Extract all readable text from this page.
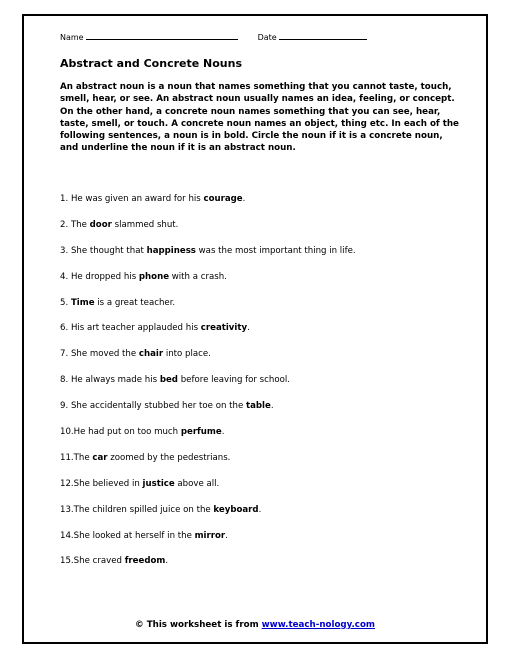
Name	Date
Abstract and Concrete Nouns

An abstract noun is a noun that names something that you cannot taste, touch, smell, hear, or see. An abstract noun usually names an idea, feeling, or concept. On the other hand, a concrete noun names something that you can see, hear, taste, smell, or touch. A concrete noun names an object, thing etc. In each of the following sentences, a noun is in bold. Circle the noun if it is a concrete noun, and underline the noun if it is an abstract noun.

1. He was given an award for his courage.
2. The door slammed shut.
3. She thought that happiness was the most important thing in life.
4. He dropped his phone with a crash.
5. Time is a great teacher.
6. His art teacher applauded his creativity.
7. She moved the chair into place.
8. He always made his bed before leaving for school.
9. She accidentally stubbed her toe on the table.
10.He had put on too much perfume.
11.The car zoomed by the pedestrians.
12.She believed in justice above all.
13.The children spilled juice on the keyboard.
14.She looked at herself in the mirror.
15.She craved freedom.
© This worksheet is from www.teach-nology.com
